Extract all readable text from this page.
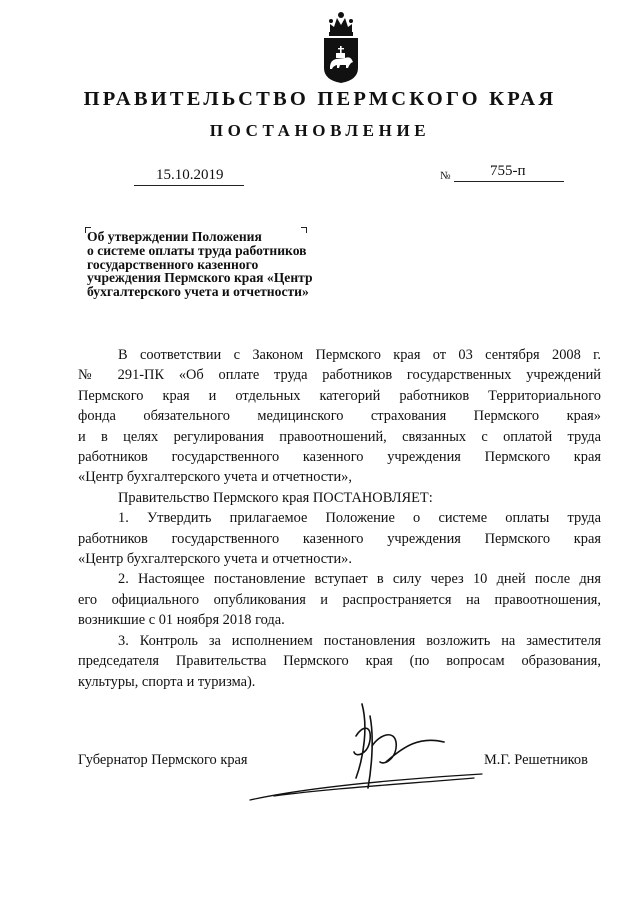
ПРАВИТЕЛЬСТВО ПЕРМСКОГО КРАЯ
ПОСТАНОВЛЕНИЕ
15.10.2019	№	755-п
Об утверждении Положения
о системе оплаты труда работников
государственного казенного
учреждения Пермского края «Центр
бухгалтерского учета и отчетности»
В соответствии с Законом Пермского края от 03 сентября 2008 г.
№ 291-ПК «Об оплате труда работников государственных учреждений
Пермского края и отдельных категорий работников Территориального
фонда обязательного медицинского страхования Пермского края»
и в целях регулирования правоотношений, связанных с оплатой труда
работников государственного казенного учреждения Пермского края
«Центр бухгалтерского учета и отчетности»,
Правительство Пермского края ПОСТАНОВЛЯЕТ:
1. Утвердить прилагаемое Положение о системе оплаты труда
работников государственного казенного учреждения Пермского края
«Центр бухгалтерского учета и отчетности».
2. Настоящее постановление вступает в силу через 10 дней после дня
его официального опубликования и распространяется на правоотношения,
возникшие с 01 ноября 2018 года.
3. Контроль за исполнением постановления возложить на заместителя
председателя Правительства Пермского края (по вопросам образования,
культуры, спорта и туризма).
Губернатор Пермского края	М.Г. Решетников
